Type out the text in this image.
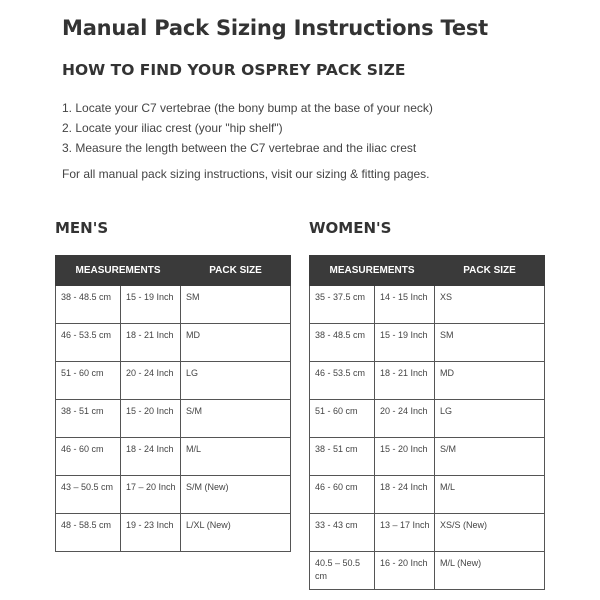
Manual Pack Sizing Instructions Test
HOW TO FIND YOUR OSPREY PACK SIZE
1. Locate your C7 vertebrae (the bony bump at the base of your neck)
2. Locate your iliac crest (your "hip shelf")
3. Measure the length between the C7 vertebrae and the iliac crest
For all manual pack sizing instructions, visit our sizing & fitting pages.
MEN'S	WOMEN'S
MEASUREMENTS		PACK SIZE
38 - 48.5 cm	15 - 19 Inch	SM
46 - 53.5 cm	18 - 21 Inch	MD
51 - 60 cm	20 - 24 Inch	LG
38 - 51 cm	15 - 20 Inch	S/M
46 - 60 cm	18 - 24 Inch	M/L
43 – 50.5 cm	17 – 20 Inch	S/M (New)
48 - 58.5 cm	19 - 23 Inch	L/XL (New)
MEASUREMENTS		PACK SIZE
35 - 37.5 cm	14 - 15 Inch	XS
38 - 48.5 cm	15 - 19 Inch	SM
46 - 53.5 cm	18 - 21 Inch	MD
51 - 60 cm	20 - 24 Inch	LG
38 - 51 cm	15 - 20 Inch	S/M
46 - 60 cm	18 - 24 Inch	M/L
33 - 43 cm	13 – 17 Inch	XS/S (New)
40.5 – 50.5 cm	16 - 20 Inch	M/L (New)
